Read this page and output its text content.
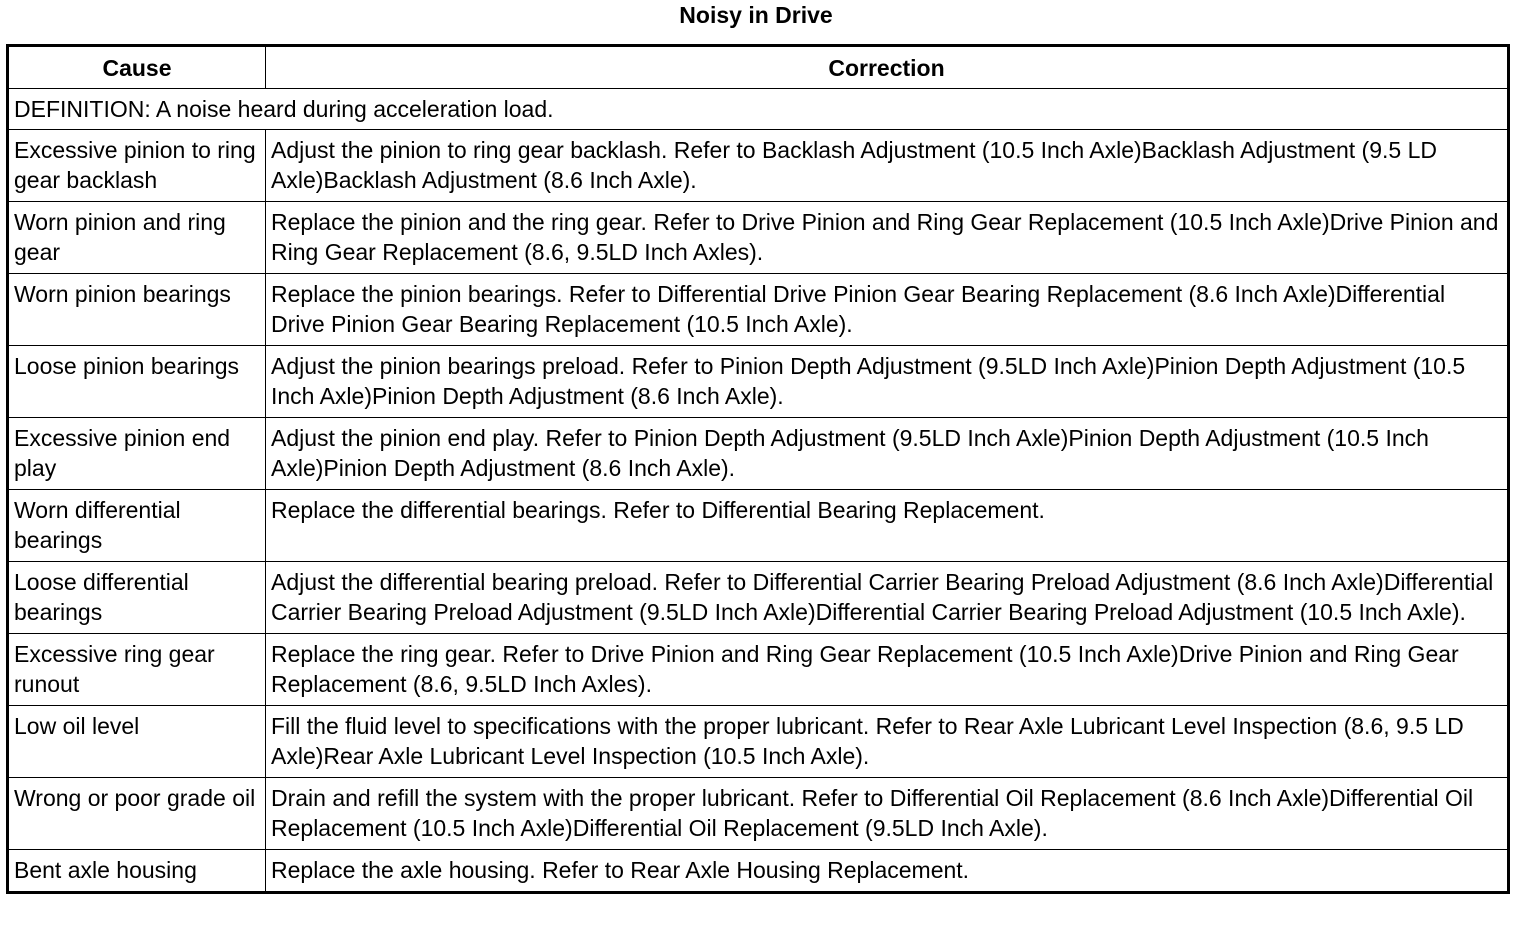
Noisy in Drive
Cause	Correction
DEFINITION: A noise heard during acceleration load.	
Excessive pinion to ring gear backlash	Adjust the pinion to ring gear backlash. Refer to Backlash Adjustment (10.5 Inch Axle)Backlash Adjustment (9.5 LD Axle)Backlash Adjustment (8.6 Inch Axle).
Worn pinion and ring gear	Replace the pinion and the ring gear. Refer to Drive Pinion and Ring Gear Replacement (10.5 Inch Axle)Drive Pinion and Ring Gear Replacement (8.6, 9.5LD Inch Axles).
Worn pinion bearings	Replace the pinion bearings. Refer to Differential Drive Pinion Gear Bearing Replacement (8.6 Inch Axle)Differential Drive Pinion Gear Bearing Replacement (10.5 Inch Axle).
Loose pinion bearings	Adjust the pinion bearings preload. Refer to Pinion Depth Adjustment (9.5LD Inch Axle)Pinion Depth Adjustment (10.5 Inch Axle)Pinion Depth Adjustment (8.6 Inch Axle).
Excessive pinion end play	Adjust the pinion end play. Refer to Pinion Depth Adjustment (9.5LD Inch Axle)Pinion Depth Adjustment (10.5 Inch Axle)Pinion Depth Adjustment (8.6 Inch Axle).
Worn differential bearings	Replace the differential bearings. Refer to Differential Bearing Replacement.
Loose differential bearings	Adjust the differential bearing preload. Refer to Differential Carrier Bearing Preload Adjustment (8.6 Inch Axle)Differential Carrier Bearing Preload Adjustment (9.5LD Inch Axle)Differential Carrier Bearing Preload Adjustment (10.5 Inch Axle).
Excessive ring gear runout	Replace the ring gear. Refer to Drive Pinion and Ring Gear Replacement (10.5 Inch Axle)Drive Pinion and Ring Gear Replacement (8.6, 9.5LD Inch Axles).
Low oil level	Fill the fluid level to specifications with the proper lubricant. Refer to Rear Axle Lubricant Level Inspection (8.6, 9.5 LD Axle)Rear Axle Lubricant Level Inspection (10.5 Inch Axle).
Wrong or poor grade oil	Drain and refill the system with the proper lubricant. Refer to Differential Oil Replacement (8.6 Inch Axle)Differential Oil Replacement (10.5 Inch Axle)Differential Oil Replacement (9.5LD Inch Axle).
Bent axle housing	Replace the axle housing. Refer to Rear Axle Housing Replacement.
